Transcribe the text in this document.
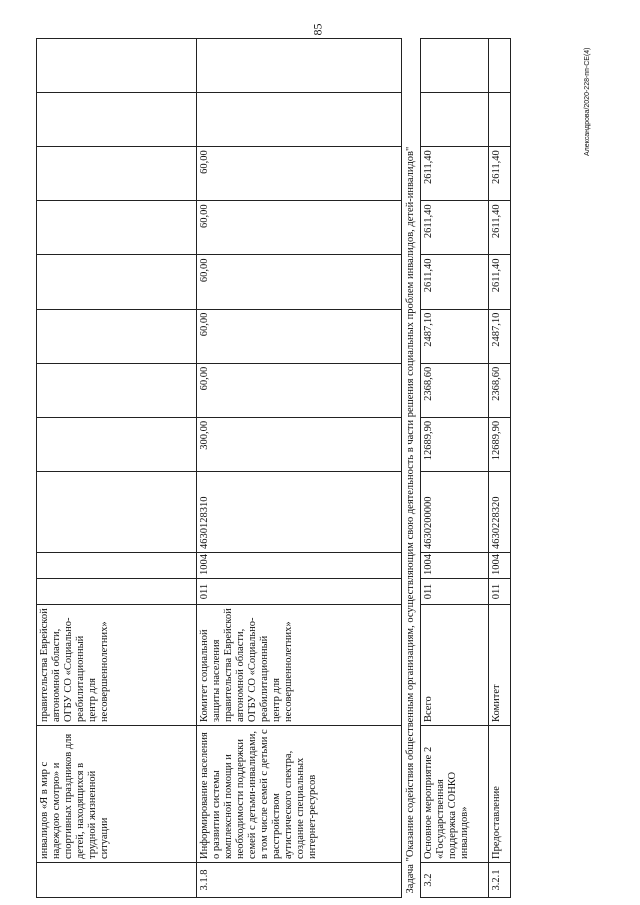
85
	инвалидов «Я в мир с надеждою смотрю» и спортивных праздников для детей, находящихся в трудной жизненной ситуации	правительства Еврейской автономной области, ОГБУ СО «Социально-реабилитационный центр для несовершеннолетних»											
3.1.8	Информирование населения о развитии системы комплексной помощи и необходимости поддержки семей с детьми-инвалидами, в том числе семей с детьми с расстройством аутистического спектра, создание специальных интернет-ресурсов	Комитет социальной защиты населения правительства Еврейской автономной области, ОГБУ СО «Социально-реабилитационный центр для несовершеннолетних»	011	1004	4630128310	300,00	60,00	60,00	60,00	60,00	60,00		
Задача "Оказание содействия общественным организациям, осуществляющим свою деятельность в части решения социальных проблем инвалидов, детей-инвалидов"													
3.2	Основное мероприятие 2 «Государственная поддержка СОНКО инвалидов»	Всего	011	1004	4630200000	12689,90	2368,60	2487,10	2611,40	2611,40	2611,40		
3.2.1	Предоставление	Комитет	011	1004	4630228320	12689,90	2368,60	2487,10	2611,40	2611,40	2611,40		
Александрова/2020-228-пп-СЕ(4)
